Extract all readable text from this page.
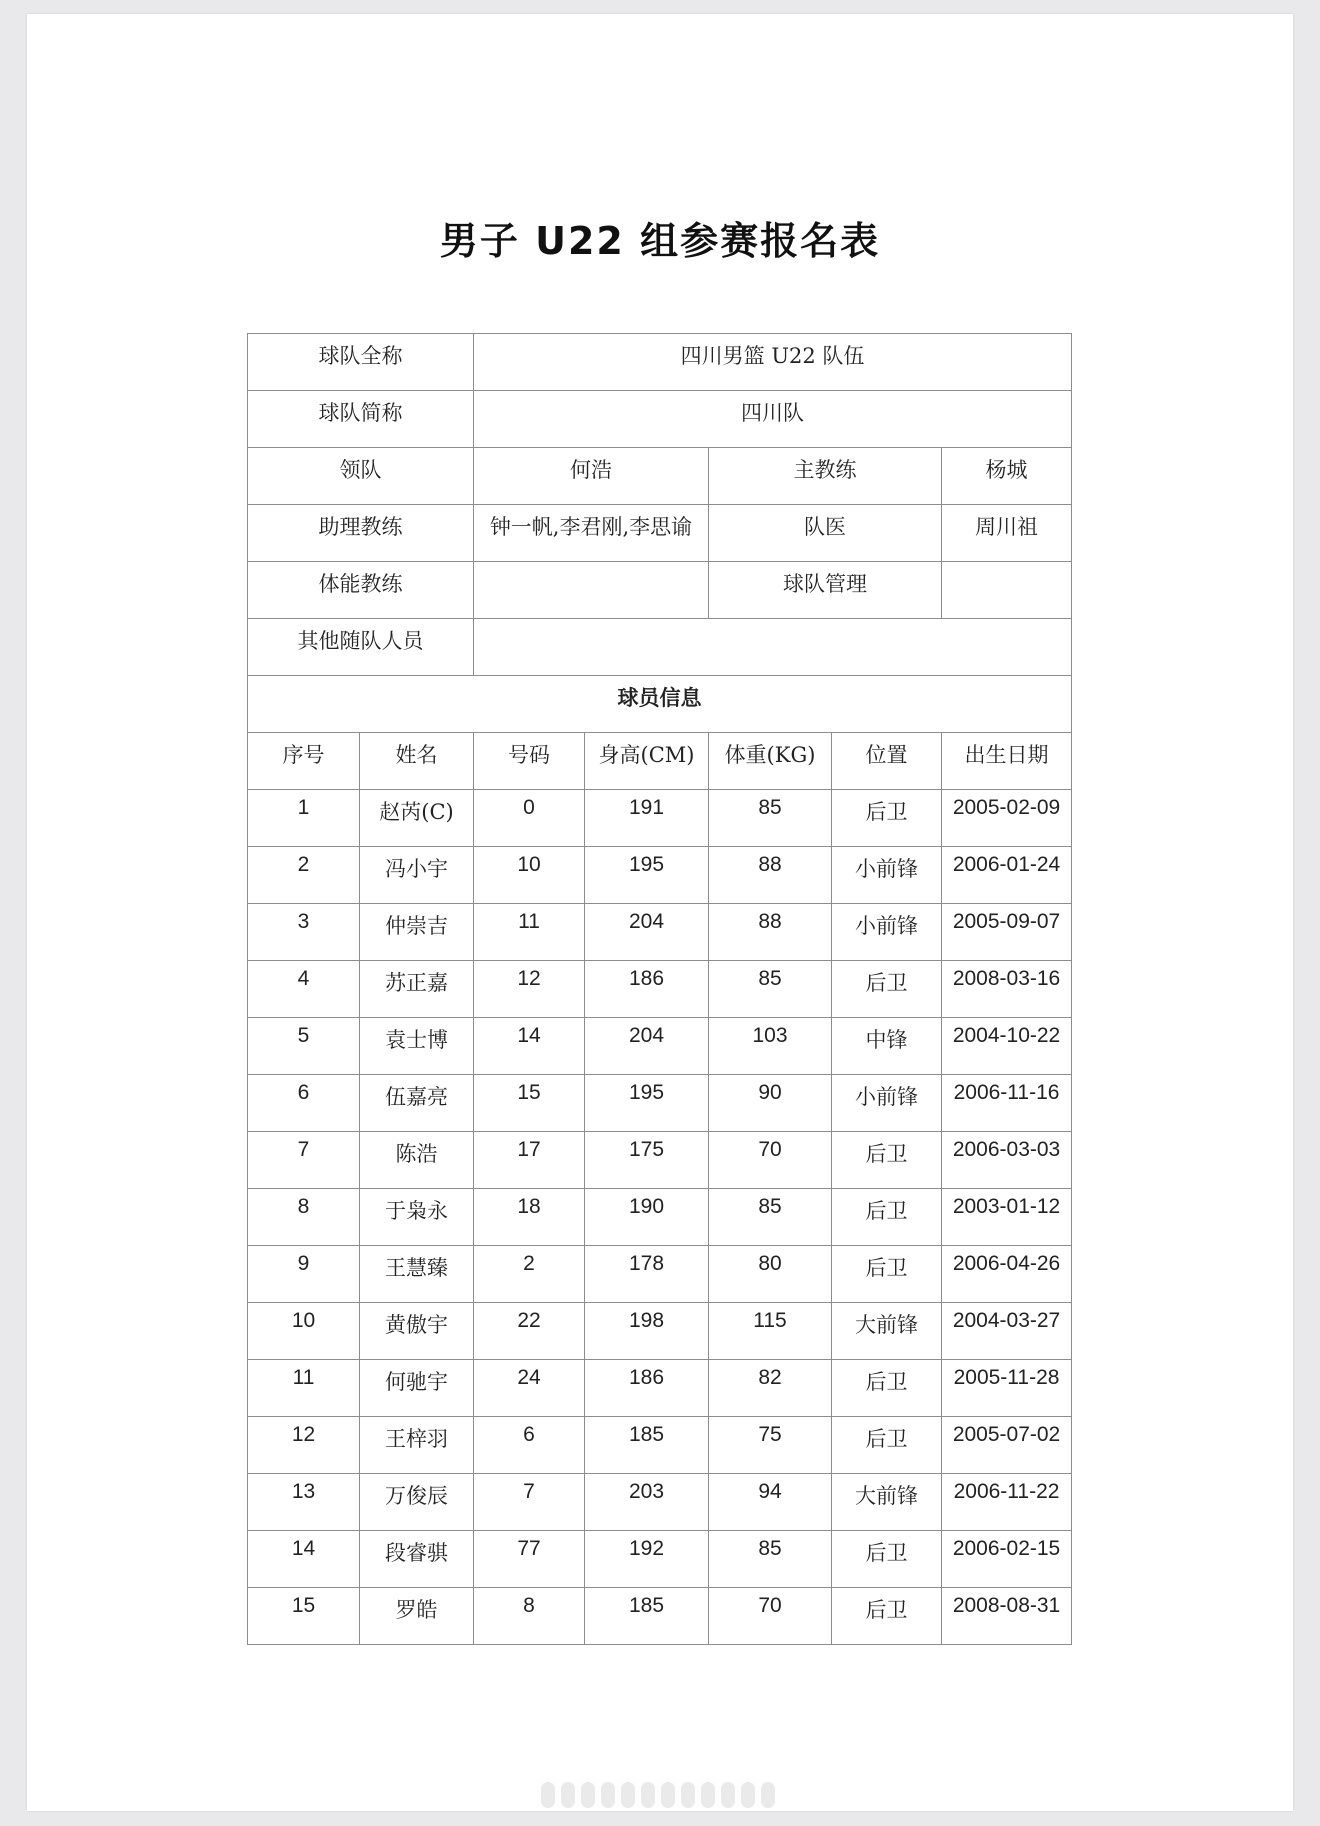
男子 U22 组参赛报名表
球队全称		四川男篮 U22 队伍				
球队简称		四川队				
领队		何浩		主教练		杨城
助理教练		钟一帆,李君刚,李思谕		队医		周川祖
体能教练				球队管理		
其他随队人员						
球员信息						
序号	姓名	号码	身高(CM)	体重(KG)	位置	出生日期
1	赵芮(C)	0	191	85	后卫	2005-02-09
2	冯小宇	10	195	88	小前锋	2006-01-24
3	仲崇吉	11	204	88	小前锋	2005-09-07
4	苏正嘉	12	186	85	后卫	2008-03-16
5	袁士博	14	204	103	中锋	2004-10-22
6	伍嘉亮	15	195	90	小前锋	2006-11-16
7	陈浩	17	175	70	后卫	2006-03-03
8	于枭永	18	190	85	后卫	2003-01-12
9	王慧臻	2	178	80	后卫	2006-04-26
10	黄傲宇	22	198	115	大前锋	2004-03-27
11	何驰宇	24	186	82	后卫	2005-11-28
12	王梓羽	6	185	75	后卫	2005-07-02
13	万俊辰	7	203	94	大前锋	2006-11-22
14	段睿骐	77	192	85	后卫	2006-02-15
15	罗皓	8	185	70	后卫	2008-08-31
